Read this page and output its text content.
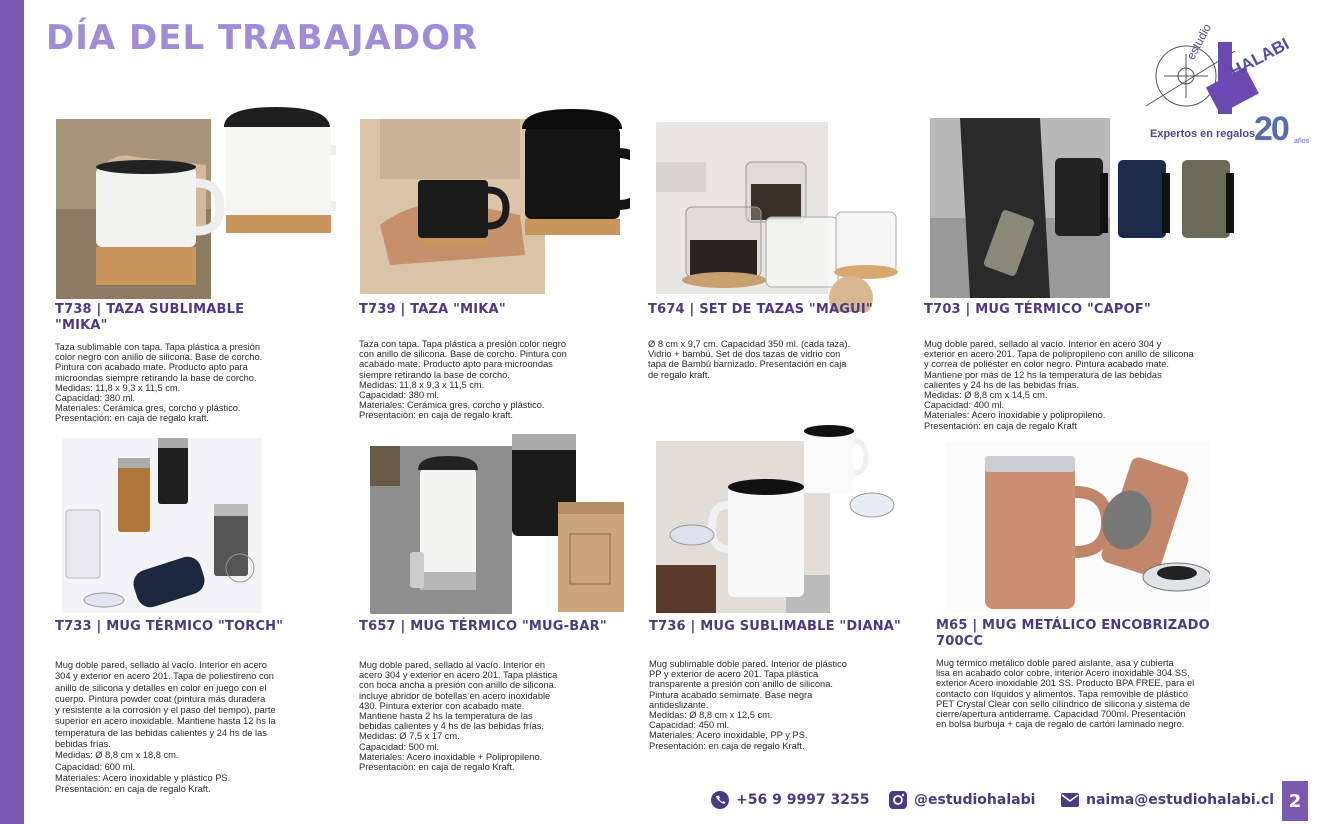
DÍA DEL TRABAJADOR	estudio HALABI
Expertos en regalos
20 años
T738 | TAZA SUBLIMABLE "MIKA"

Taza sublimable con tapa. Tapa plástica a presión
color negro con anillo de silicona. Base de corcho.
Pintura con acabado mate. Producto apto para
microondas siempre retirando la base de corcho.
Medidas: 11,8 x 9,3 x 11,5 cm.
Capacidad: 380 ml.
Materiales: Cerámica gres, corcho y plástico.
Presentación: en caja de regalo kraft.

T739 | TAZA "MIKA"

Taza con tapa. Tapa plástica a presión color negro
con anillo de silicona. Base de corcho. Pintura con
acabado mate. Producto apto para microondas
siempre retirando la base de corcho.
Medidas: 11,8 x 9,3 x 11,5 cm.
Capacidad: 380 ml.
Materiales: Cerámica gres, corcho y plástico.
Presentación: en caja de regalo kraft.

T674 | SET DE TAZAS "MAGUI"

Ø 8 cm x 9,7 cm. Capacidad 350 ml. (cada taza).
Vidrio + bambú. Set de dos tazas de vidrio con
tapa de Bambú barnizado. Presentación en caja
de regalo kraft.

T703 | MUG TÉRMICO "CAPOF"

Mug doble pared, sellado al vacío. Interior en acero 304 y
exterior en acero 201. Tapa de polipropileno con anillo de silicona
y correa de poliéster en color negro. Pintura acabado mate.
Mantiene por más de 12 hs la temperatura de las bebidas
calientes y 24 hs de las bebidas frías.
Medidas: Ø 8,8 cm x 14,5 cm.
Capacidad: 400 ml.
Materiales: Acero inoxidable y polipropileno.
Presentación: en caja de regalo Kraft

T733 | MUG TÉRMICO "TORCH"

Mug doble pared, sellado al vacío. Interior en acero
304 y exterior en acero 201. Tapa de poliestireno con
anillo de silicona y detalles en color en juego con el
cuerpo. Pintura powder coat (pintura más duradera
y resistente a la corrosión y el paso del tiempo), parte
superior en acero inoxidable. Mantiene hasta 12 hs la
temperatura de las bebidas calientes y 24 hs de las
bebidas frías.
Medidas: Ø 8,8 cm x 18,8 cm.
Capacidad: 600 ml.
Materiales: Acero inoxidable y plástico PS.
Presentación: en caja de regalo Kraft.

T657 | MUG TÉRMICO "MUG-BAR"

Mug doble pared, sellado al vacío. Interior en
acero 304 y exterior en acero 201. Tapa plástica
con boca ancha a presión con anillo de silicona.
incluye abridor de botellas en acero inoxidable
430. Pintura exterior con acabado mate.
Mantiene hasta 2 hs la temperatura de las
bebidas calientes y 4 hs de las bebidas frías.
Medidas: Ø 7,5 x 17 cm.
Capacidad: 500 ml.
Materiales: Acero inoxidable + Polipropileno.
Presentación: en caja de regalo Kraft.

T736 | MUG SUBLIMABLE "DIANA"

Mug sublimable doble pared. Interior de plástico
PP y exterior de acero 201. Tapa plástica
transparente a presión con anillo de silicona.
Pintura acabado semimate. Base negra
antideslizante.
Medidas: Ø 8,8 cm x 12,5 cm.
Capacidad: 450 ml.
Materiales: Acero inoxidable, PP y PS.
Presentación: en caja de regalo Kraft.

M65 | MUG METÁLICO ENCOBRIZADO 700CC

Mug térmico metálico doble pared aislante, asa y cubierta
lisa en acabado color cobre, interior Acero inoxidable 304 SS,
exterior Acero inoxidable 201 SS. Producto BPA FREE, para el
contacto con líquidos y alimentos. Tapa removible de plástico
PET Crystal Clear con sello cilíndrico de silicona y sistema de
cierre/apertura antiderrame. Capacidad 700ml. Presentación
en bolsa burbuja + caja de regalo de cartón laminado negro.

+56 9 9997 3255	@estudiohalabi	naima@estudiohalabi.cl 2
